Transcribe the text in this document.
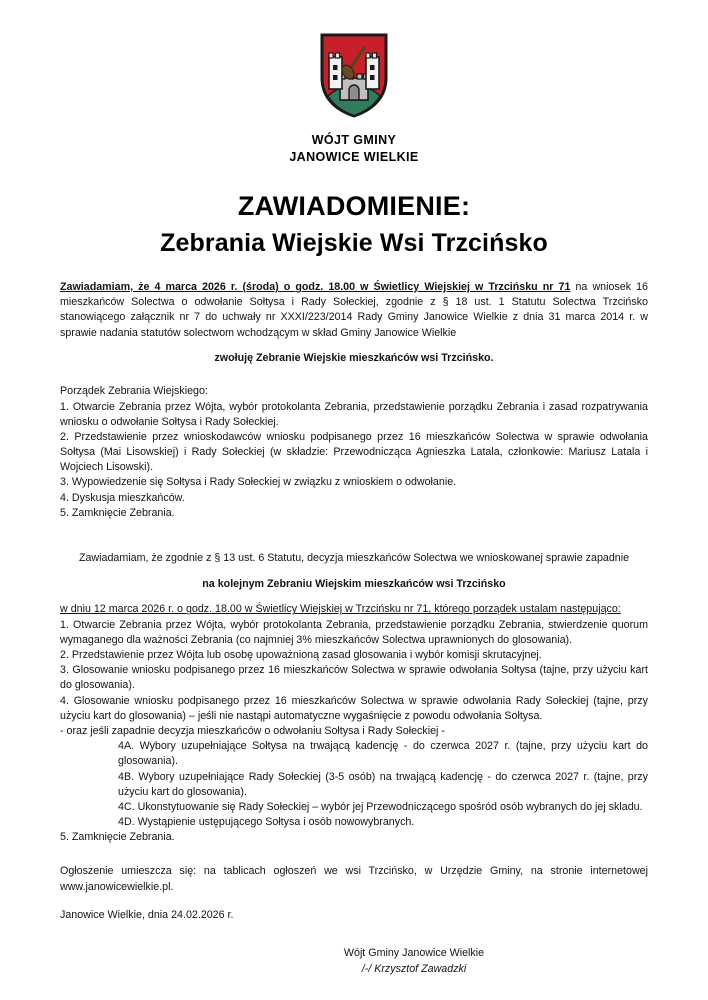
WÓJT GMINY
JANOWICE WIELKIE
ZAWIADOMIENIE:
Zebrania Wiejskie Wsi Trzcińsko

Zawiadamiam, że 4 marca 2026 r. (środa) o godz. 18.00 w Świetlicy Wiejskiej w Trzcińsku nr 71 na wniosek 16 mieszkańców Solectwa o odwołanie Sołtysa i Rady Sołeckiej, zgodnie z § 18 ust. 1 Statutu Solectwa Trzcińsko stanowiącego załącznik nr 7 do uchwały nr XXXI/223/2014 Rady Gminy Janowice Wielkie z dnia 31 marca 2014 r. w sprawie nadania statutów solectwom wchodzącym w skład Gminy Janowice Wielkie

zwołuję Zebranie Wiejskie mieszkańców wsi Trzcińsko.

Porządek Zebrania Wiejskiego:

1. Otwarcie Zebrania przez Wójta, wybór protokolanta Zebrania, przedstawienie porządku Zebrania i zasad rozpatrywania wniosku o odwołanie Sołtysa i Rady Sołeckiej.

2. Przedstawienie przez wnioskodawców wniosku podpisanego przez 16 mieszkańców Solectwa w sprawie odwołania Sołtysa (Mai Lisowskiej) i Rady Sołeckiej (w składzie: Przewodnicząca Agnieszka Latala, członkowie: Mariusz Latala i Wojciech Lisowski).

3. Wypowiedzenie się Sołtysa i Rady Sołeckiej w związku z wnioskiem o odwołanie.

4. Dyskusja mieszkańców.

5. Zamknięcie Zebrania.

Zawiadamiam, że zgodnie z § 13 ust. 6 Statutu, decyzja mieszkańców Solectwa we wnioskowanej sprawie zapadnie

na kolejnym Zebraniu Wiejskim mieszkańców wsi Trzcińsko

w dniu 12 marca 2026 r. o godz. 18.00 w Świetlicy Wiejskiej w Trzcińsku nr 71, którego porządek ustalam następująco:

1. Otwarcie Zebrania przez Wójta, wybór protokolanta Zebrania, przedstawienie porządku Zebrania, stwierdzenie quorum wymaganego dla ważności Zebrania (co najmniej 3% mieszkańców Solectwa uprawnionych do glosowania).

2. Przedstawienie przez Wójta lub osobę upoważnioną zasad glosowania i wybór komisji skrutacyjnej.

3. Glosowanie wniosku podpisanego przez 16 mieszkańców Solectwa w sprawie odwołania Sołtysa (tajne, przy użyciu kart do glosowania).

4. Glosowanie wniosku podpisanego przez 16 mieszkańców Solectwa w sprawie odwołania Rady Sołeckiej (tajne, przy użyciu kart do glosowania) – jeśli nie nastąpi automatyczne wygaśnięcie z powodu odwołania Sołtysa.

- oraz jeśli zapadnie decyzja mieszkańców o odwołaniu Sołtysa i Rady Sołeckiej -

4A. Wybory uzupełniające Sołtysa na trwającą kadencję - do czerwca 2027 r. (tajne, przy użyciu kart do glosowania).

4B. Wybory uzupełniające Rady Sołeckiej (3-5 osób) na trwającą kadencję - do czerwca 2027 r. (tajne, przy użyciu kart do glosowania).

4C. Ukonstytuowanie się Rady Sołeckiej – wybór jej Przewodniczącego spośród osób wybranych do jej skladu.

4D. Wystąpienie ustępującego Sołtysa i osób nowowybranych.

5. Zamknięcie Zebrania.

Ogłoszenie umieszcza się: na tablicach ogłoszeń we wsi Trzcińsko, w Urzędzie Gminy, na stronie internetowej www.janowicewielkie.pl.

Janowice Wielkie, dnia 24.02.2026 r.

Wójt Gminy Janowice Wielkie
/-/ Krzysztof Zawadzki
